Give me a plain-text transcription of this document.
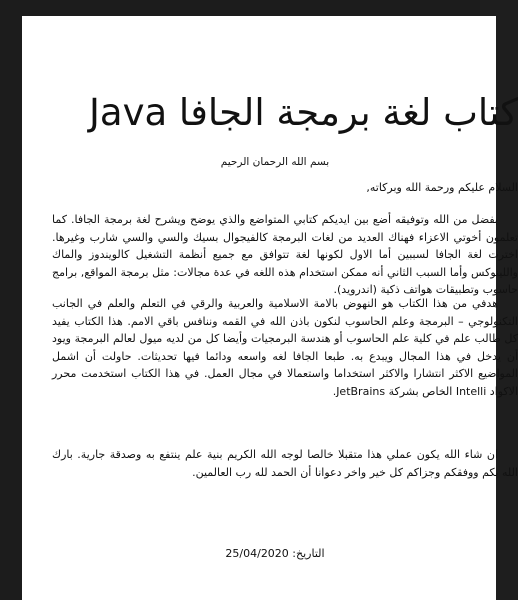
كتاب لغة برمجة الجافا Java

بسم الله الرحمان الرحيم

السلام عليكم ورحمة الله وبركاته,

بفضل من الله وتوفيقه أضع بين ايديكم كتابي المتواضع والذي يوضح ويشرح لغة برمجة الجافا. كما تعلمون أخوتي الاعزاء فهناك العديد من لغات البرمجة كالفيجوال بسيك والسي والسي شارب وغيرها. اخترت لغة الجافا لسببين أما الاول لكونها لغة تتوافق مع جميع أنظمة التشغيل كالويندوز والماك واللينوكس وأما السبب الثاني أنه ممكن استخدام هذه اللغه في عدة مجالات: مثل برمجة المواقع, برامج حاسوب وتطبيقات هواتف ذكية (اندرويد).

هدفي من هذا الكتاب هو النهوض بالامة الاسلامية والعربية والرقي في التعلم والعلم في الجانب التكنولوجي – البرمجة وعلم الحاسوب لنكون باذن الله في القمه وننافس باقي الامم. هذا الكتاب يفيد كل طالب علم في كلية علم الحاسوب أو هندسة البرمجيات وأيضا كل من لديه ميول لعالم البرمجة ويود أن يدخل في هذا المجال ويبدع به. طبعا الجافا لغه واسعه ودائما فيها تحديثات. حاولت أن اشمل المواضيع الاكثر انتشارا والاكثر استخداما واستعمالا في مجال العمل. في هذا الكتاب استخدمت محرر الاكواد Intelli الخاص بشركة JetBrains.

ان شاء الله يكون عملي هذا متقبلا خالصا لوجه الله الكريم بنية علم ينتفع به وصدقة جارية. بارك الله بكم ووفقكم وجزاكم كل خير واخر دعوانا أن الحمد لله رب العالمين.

التاريخ: 25/04/2020
